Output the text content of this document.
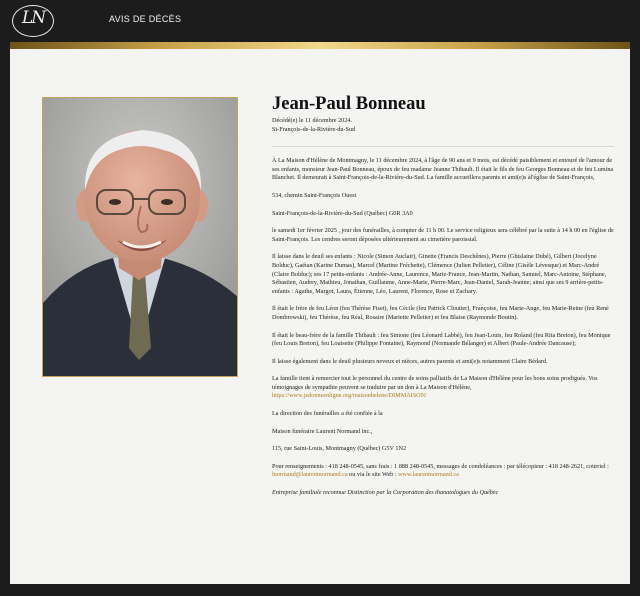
LN	AVIS DE DÉCÈS
Jean-Paul Bonneau
Décédé(e) le 11 décembre 2024.
St-François-de-la-Rivière-du-Sud

À La Maison d'Hélène de Montmagny, le 11 décembre 2024, à l'âge de 90 ans et 9 mois, est décédé paisiblement et entouré de l'amour de ses enfants, monsieur Jean-Paul Bonneau, époux de feu madame Jeanne Thibault. Il était le fils de feu Georges Bonneau et de feu Lumina Blanchet. Il demeurait à Saint-François-de-la-Rivière-du-Sud. La famille accueillera parents et ami(e)s àl'église de Saint-François,

534, chemin Saint-François Ouest

Saint-François-de-la-Rivière-du-Sud (Québec) G0R 3A0

le samedi 1er février 2025 , jour des funérailles, à compter de 11 h 00. Le service religieux sera célébré par la suite à 14 h 00 en l'église de Saint-François. Les cendres seront déposées ultérieurement au cimetière paroissial.

Il laisse dans le deuil ses enfants : Nicole (Simon Auclair), Ginette (Francis Deschênes), Pierre (Ghislaine Dubé), Gilbert (Jocelyne Bolduc), Gaétan (Karine Dumas), Marcel (Martine Fréchette), Clémence (Julien Pelletier), Céline (Gisèle Lévesque) et Marc-André (Claire Bolduc); ses 17 petits-enfants : Andrée-Anne, Laurence, Marie-France, Jean-Martin, Nathan, Samuel, Marc-Antoine, Stéphane, Sébastien, Audrey, Mathieu, Jonathan, Guillaume, Anne-Marie, Pierre-Marc, Jean-Daniel, Sarah-Jeanne; ainsi que ses 9 arrière-petits-enfants : Agathe, Margot, Laura, Étienne, Léo, Laurent, Florence, Rose et Zachary.

Il était le frère de feu Léon (feu Thérèse Fiset), feu Cécile (feu Patrick Cloutier), Françoise, feu Marie-Ange, feu Marie-Reine (feu René Dombrowski), feu Thérèse, feu Réal, Rosaire (Mariette Pelletier) et feu Blaise (Raymonde Boutin).

Il était le beau-frère de la famille Thibault : feu Simone (feu Léonard Labbé), feu Jean-Louis, feu Roland (feu Rita Breton), feu Monique (feu Louis Breton), feu Louisette (Philippe Fontaine), Raymond (Normande Bélanger) et Albert (Paule-Andrée Dancause);

Il laisse également dans le deuil plusieurs neveux et nièces, autres parents et ami(e)s notamment Claire Bédard.

La famille tient à remercier tout le personnel du centre de soins palliatifs de La Maison d'Hélène pour les bons soins prodigués. Vos témoignages de sympathie peuvent se traduire par un don à La Maison d'Hélène,
https://www.jedonneenligne.org/maisonhelene/DIMMAISON/

La direction des funérailles a été confiée à la

Maison funéraire Laurent Normand inc.,

115, rue Saint-Louis, Montmagny (Québec) G5V 1N2

Pour renseignements : 418 248-0545, sans frais : 1 888 248-0545, messages de condoléances : par télécopieur : 418 248-2621, courriel : lnormand@laurentnormand.ca ou via le site Web : www.laurentnormand.ca

Entreprise familiale reconnue Distinction par la Corporation des thanatologues du Québec
